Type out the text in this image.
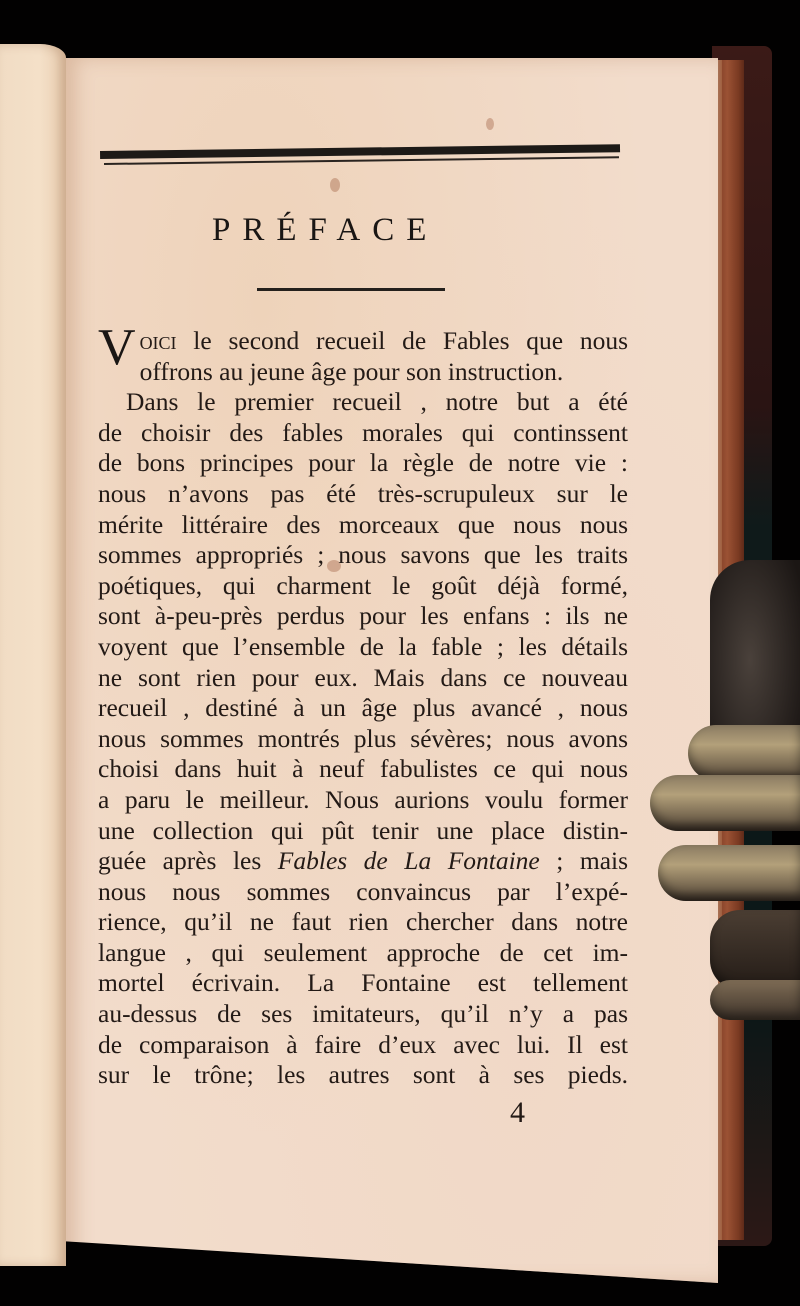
PRÉFACE
Voici le second recueil de Fables que nous
offrons au jeune âge pour son instruction.
Dans le premier recueil , notre but a été
de choisir des fables morales qui continssent
de bons principes pour la règle de notre vie :
nous n’avons pas été très-scrupuleux sur le
mérite littéraire des morceaux que nous nous
sommes appropriés ; nous savons que les traits
poétiques, qui charment le goût déjà formé,
sont à-peu-près perdus pour les enfans : ils ne
voyent que l’ensemble de la fable ; les détails
ne sont rien pour eux. Mais dans ce nouveau
recueil , destiné à un âge plus avancé , nous
nous sommes montrés plus sévères; nous avons
choisi dans huit à neuf fabulistes ce qui nous
a paru le meilleur. Nous aurions voulu former
une collection qui pût tenir une place distin-
guée après les Fables de La Fontaine ; mais
nous nous sommes convaincus par l’expé-
rience, qu’il ne faut rien chercher dans notre
langue , qui seulement approche de cet im-
mortel écrivain. La Fontaine est tellement
au-dessus de ses imitateurs, qu’il n’y a pas
de comparaison à faire d’eux avec lui. Il est
sur le trône; les autres sont à ses pieds.
4
